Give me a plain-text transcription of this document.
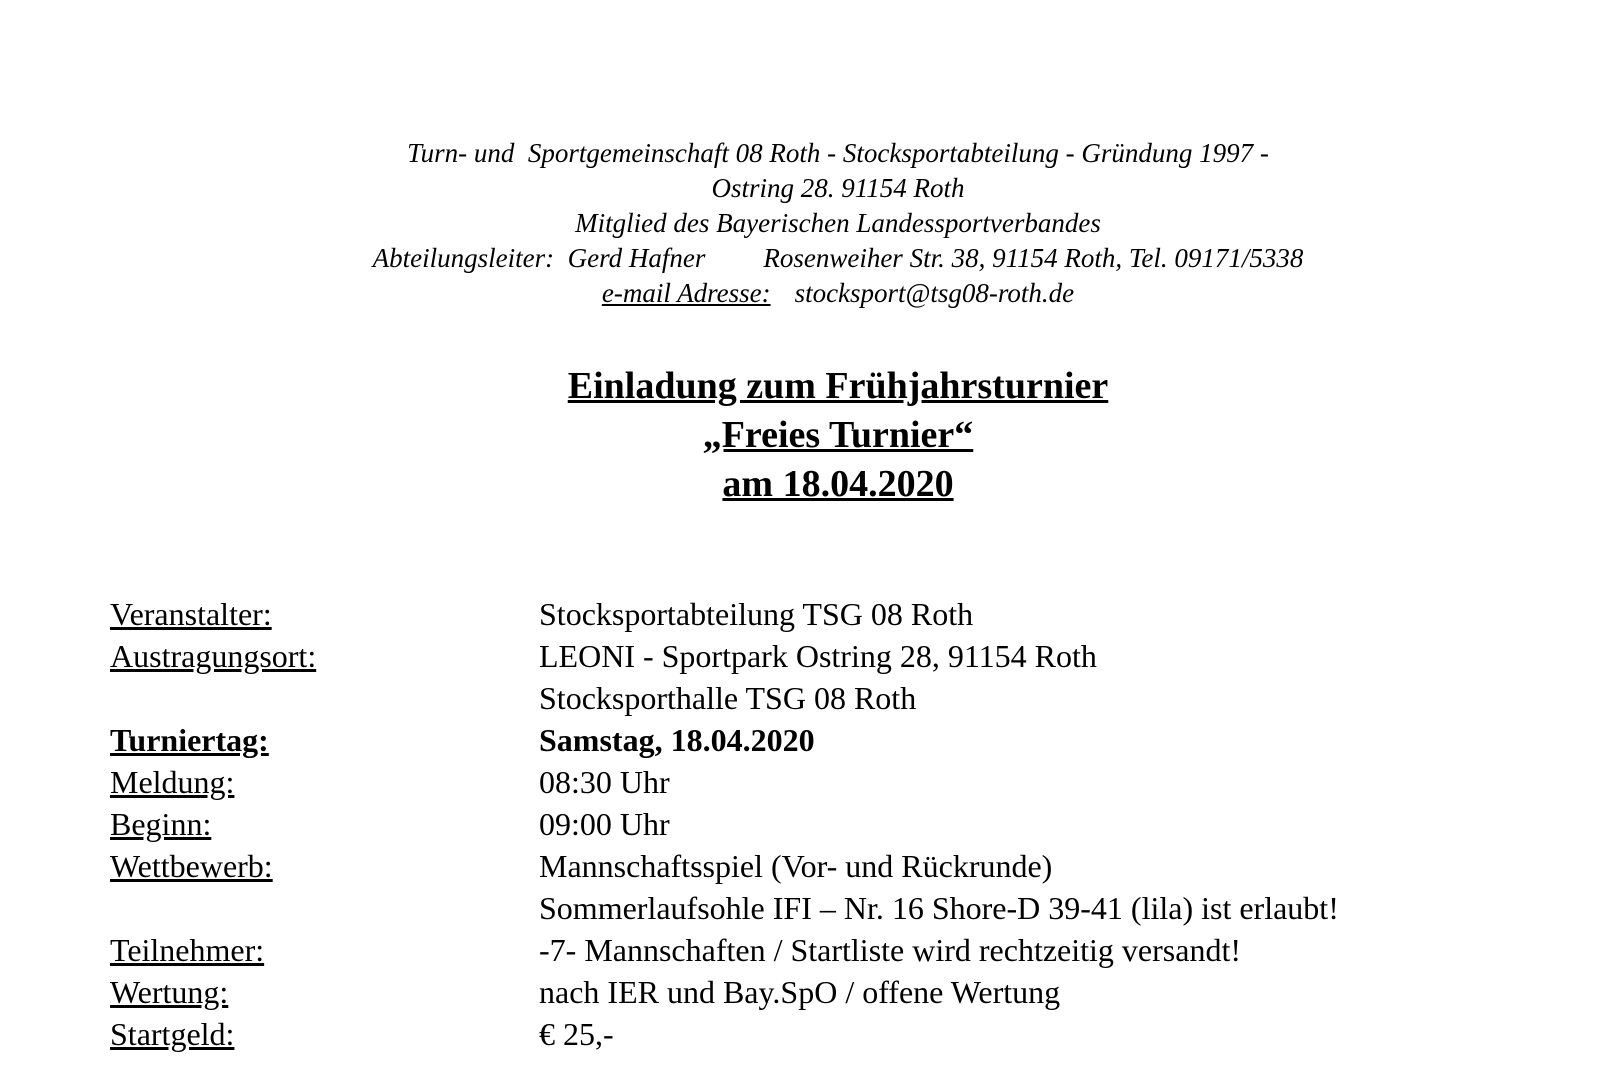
Turn- und  Sportgemeinschaft 08 Roth - Stocksportabteilung - Gründung 1997 -
Ostring 28. 91154 Roth
Mitglied des Bayerischen Landessportverbandes
Abteilungsleiter:  Gerd Hafner Rosenweiher Str. 38, 91154 Roth, Tel. 09171/5338
e-mail Adresse: stocksport@tsg08-roth.de
Einladung zum Frühjahrsturnier
„Freies Turnier“
am 18.04.2020
Veranstalter:	Stocksportabteilung TSG 08 Roth
Austragungsort:	LEONI - Sportpark Ostring 28, 91154 Roth
Stocksporthalle TSG 08 Roth
Turniertag:	Samstag, 18.04.2020
Meldung:	08:30 Uhr
Beginn:	09:00 Uhr
Wettbewerb:	Mannschaftsspiel (Vor- und Rückrunde)
Sommerlaufsohle IFI – Nr. 16 Shore-D 39-41 (lila) ist erlaubt!
Teilnehmer:	-7- Mannschaften / Startliste wird rechtzeitig versandt!
Wertung:	nach IER und Bay.SpO / offene Wertung
Startgeld:	€ 25,-
